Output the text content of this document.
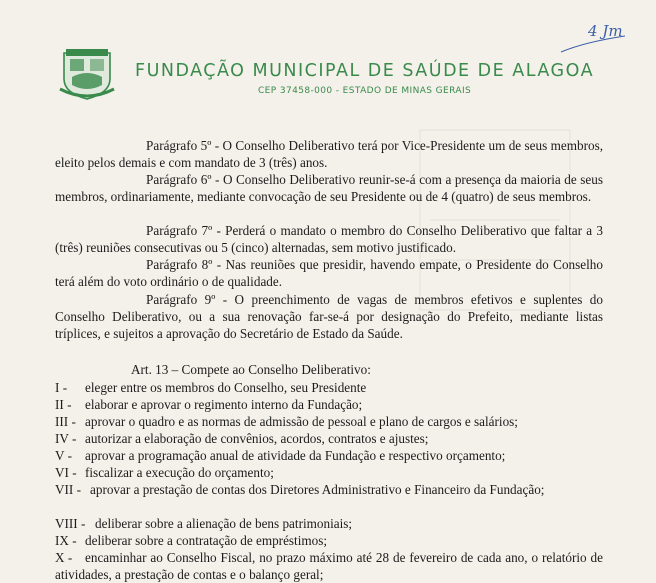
FUNDAÇÃO MUNICIPAL DE SAÚDE DE ALAGOA
CEP 37458-000 - ESTADO DE MINAS GERAIS
4 Jm
Parágrafo 5º - O Conselho Deliberativo terá por Vice-Presidente um de seus membros, eleito pelos demais e com mandato de 3 (três) anos.
Parágrafo 6º - O Conselho Deliberativo reunir-se-á com a presença da maioria de seus membros, ordinariamente, mediante convocação de seu Presidente ou de 4 (quatro) de seus membros.
Parágrafo 7º - Perderá o mandato o membro do Conselho Deliberativo que faltar a 3 (três) reuniões consecutivas ou 5 (cinco) alternadas, sem motivo justificado.
Parágrafo 8º - Nas reuniões que presidir, havendo empate, o Presidente do Conselho terá além do voto ordinário o de qualidade.
Parágrafo 9º - O preenchimento de vagas de membros efetivos e suplentes do Conselho Deliberativo, ou a sua renovação far-se-á por designação do Prefeito, mediante listas tríplices, e sujeitos a aprovação do Secretário de Estado da Saúde.
Art. 13 – Compete ao Conselho Deliberativo:
I - eleger entre os membros do Conselho, seu Presidente
II - elaborar e aprovar o regimento interno da Fundação;
III - aprovar o quadro e as normas de admissão de pessoal e plano de cargos e salários;
IV - autorizar a elaboração de convênios, acordos, contratos e ajustes;
V - aprovar a programação anual de atividade da Fundação e respectivo orçamento;
VI - fiscalizar a execução do orçamento;
VII - aprovar a prestação de contas dos Diretores Administrativo e Financeiro da Fundação;
VIII - deliberar sobre a alienação de bens patrimoniais;
IX - deliberar sobre a contratação de empréstimos;
X - encaminhar ao Conselho Fiscal, no prazo máximo até 28 de fevereiro de cada ano, o relatório de atividades, a prestação de contas e o balanço geral;
